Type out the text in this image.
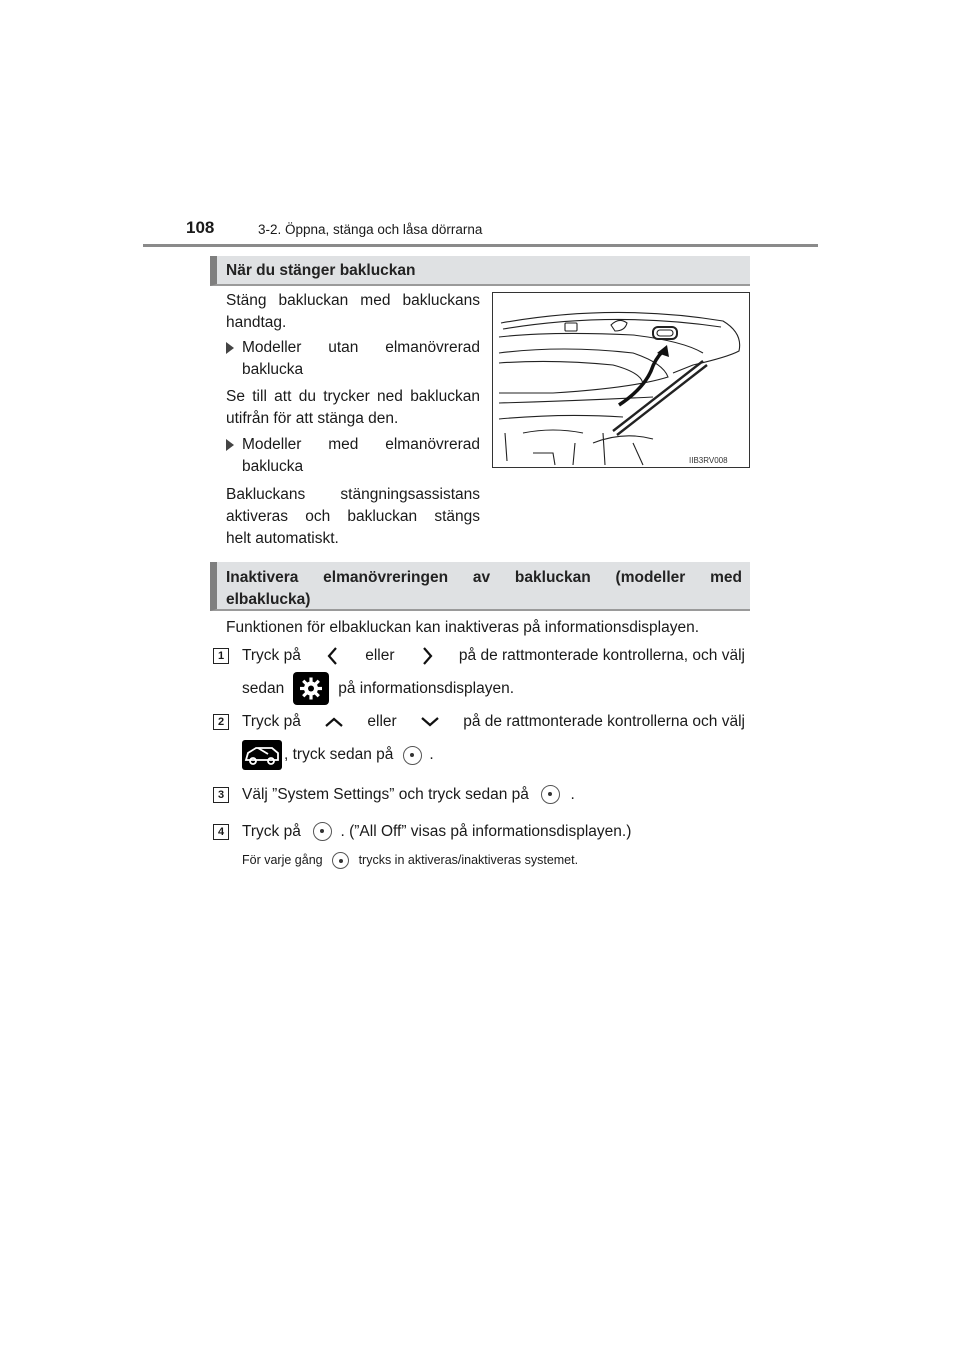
108	3-2. Öppna, stänga och låsa dörrarna
När du stänger bakluckan
Stäng bakluckan med bakluckans
handtag.
Modeller utan elmanövrerad
baklucka
Se till att du trycker ned bakluckan
utifrån för att stänga den.
Modeller med elmanövrerad
baklucka
Bakluckans stängningsassistans
aktiveras och bakluckan stängs
helt automatiskt.
IIB3RV008
Inaktivera elmanövreringen av bakluckan (modeller med
elbaklucka)
Funktionen för elbakluckan kan inaktiveras på informationsdisplayen.
1	Tryck på	eller	på de rattmonterade kontrollerna, och välj
sedan	på informationsdisplayen.
2	Tryck på	eller	på de rattmonterade kontrollerna och välj
, tryck sedan på .
3	Välj ”System Settings” och tryck sedan på	.
4	Tryck på	. (”All Off” visas på informationsdisplayen.)
För varje gång	trycks in aktiveras/inaktiveras systemet.
